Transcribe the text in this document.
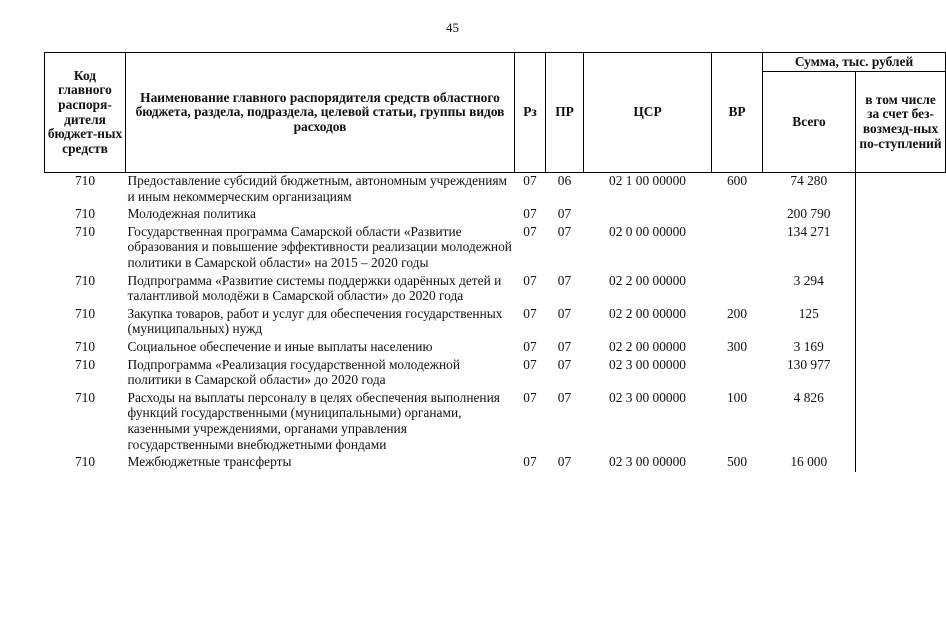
45
Код главного распоря-дителя бюджет-ных средств	Наименование главного распорядителя средств областного бюджета, раздела, подраздела, целевой статьи, группы видов расходов	Рз	ПР	ЦСР	ВР	Сумма, тыс. рублей	
						Всего	в том числе за счет без-возмезд-ных по-ступлений
710	Предоставление субсидий бюджетным, автономным учреждениям и иным некоммерческим организациям	07	06	02 1 00 00000	600	74 280	
710	Молодежная политика	07	07			200 790	
710	Государственная программа Самарской области «Развитие образования и повышение эффективности реализации молодежной политики в Самарской области» на 2015 – 2020 годы	07	07	02 0 00 00000		134 271	
710	Подпрограмма «Развитие системы поддержки одарённых детей и талантливой молодёжи в Самарской области» до 2020 года	07	07	02 2 00 00000		3 294	
710	Закупка товаров, работ и услуг для обеспечения государственных (муниципальных) нужд	07	07	02 2 00 00000	200	125	
710	Социальное обеспечение и иные выплаты населению	07	07	02 2 00 00000	300	3 169	
710	Подпрограмма «Реализация государственной молодежной политики в Самарской области» до 2020 года	07	07	02 3 00 00000		130 977	
710	Расходы на выплаты персоналу в целях обеспечения выполнения функций государственными (муниципальными) органами, казенными учреждениями, органами управления государственными внебюджетными фондами	07	07	02 3 00 00000	100	4 826	
710	Межбюджетные трансферты	07	07	02 3 00 00000	500	16 000	
